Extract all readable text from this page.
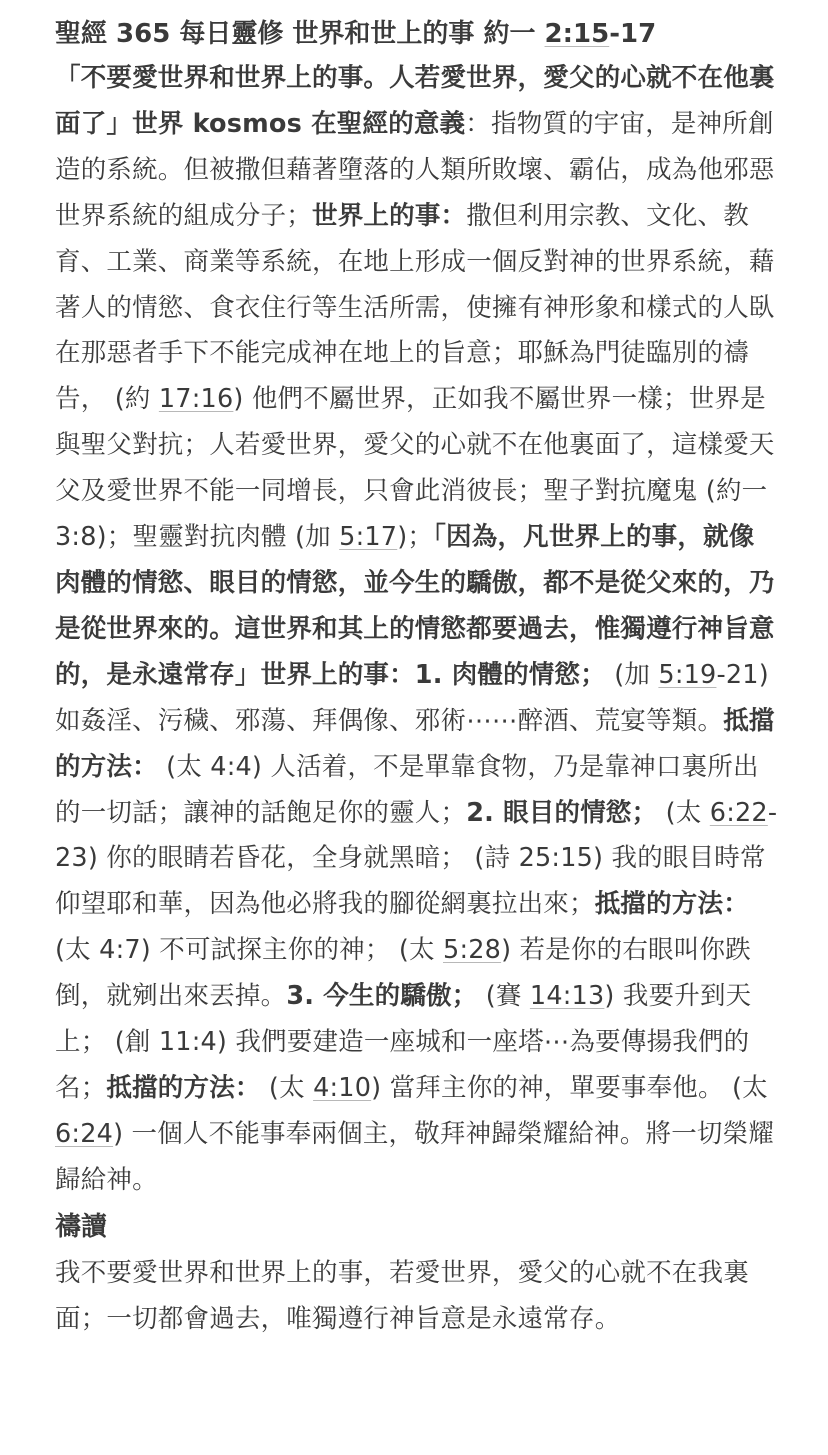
聖經 365 每日靈修 世界和世上的事 約一 2:15-17

「不要愛世界和世界上的事。人若愛世界，愛父的心就不在他裏面了」世界 kosmos 在聖經的意義：指物質的宇宙，是神所創造的系統。但被撒但藉著墮落的人類所敗壞、霸佔，成為他邪惡世界系統的組成分子；世界上的事：撒但利用宗教、文化、教育、工業、商業等系統，在地上形成一個反對神的世界系統，藉著人的情慾、食衣住行等生活所需，使擁有神形象和樣式的人臥在那惡者手下不能完成神在地上的旨意；耶穌為門徒臨別的禱告， (約 17:16) 他們不屬世界，正如我不屬世界一樣；世界是與聖父對抗；人若愛世界，愛父的心就不在他裏面了，這樣愛天父及愛世界不能一同增長，只會此消彼長；聖子對抗魔鬼 (約一 3:8)；聖靈對抗肉體 (加 5:17)；「因為，凡世界上的事，就像肉體的情慾、眼目的情慾，並今生的驕傲，都不是從父來的，乃是從世界來的。這世界和其上的情慾都要過去，惟獨遵行神旨意的，是永遠常存」世界上的事：1. 肉體的情慾； (加 5:19-21) 如姦淫、污穢、邪蕩、拜偶像、邪術⋯⋯醉酒、荒宴等類。抵擋的方法： (太 4:4) 人活着，不是單靠食物，乃是靠神口裏所出的一切話；讓神的話飽足你的靈人；2. 眼目的情慾； (太 6:22-23) 你的眼睛若昏花，全身就黑暗； (詩 25:15) 我的眼目時常仰望耶和華，因為他必將我的腳從網裏拉出來；抵擋的方法：(太 4:7) 不可試探主你的神； (太 5:28) 若是你的右眼叫你跌倒，就剜出來丟掉。3. 今生的驕傲； (賽 14:13) 我要升到天上； (創 11:4) 我們要建造一座城和一座塔⋯為要傳揚我們的名；抵擋的方法： (太 4:10) 當拜主你的神，單要事奉他。 (太 6:24) 一個人不能事奉兩個主，敬拜神歸榮耀給神。將一切榮耀歸給神。

禱讀

我不要愛世界和世界上的事，若愛世界，愛父的心就不在我裏面；一切都會過去，唯獨遵行神旨意是永遠常存。
